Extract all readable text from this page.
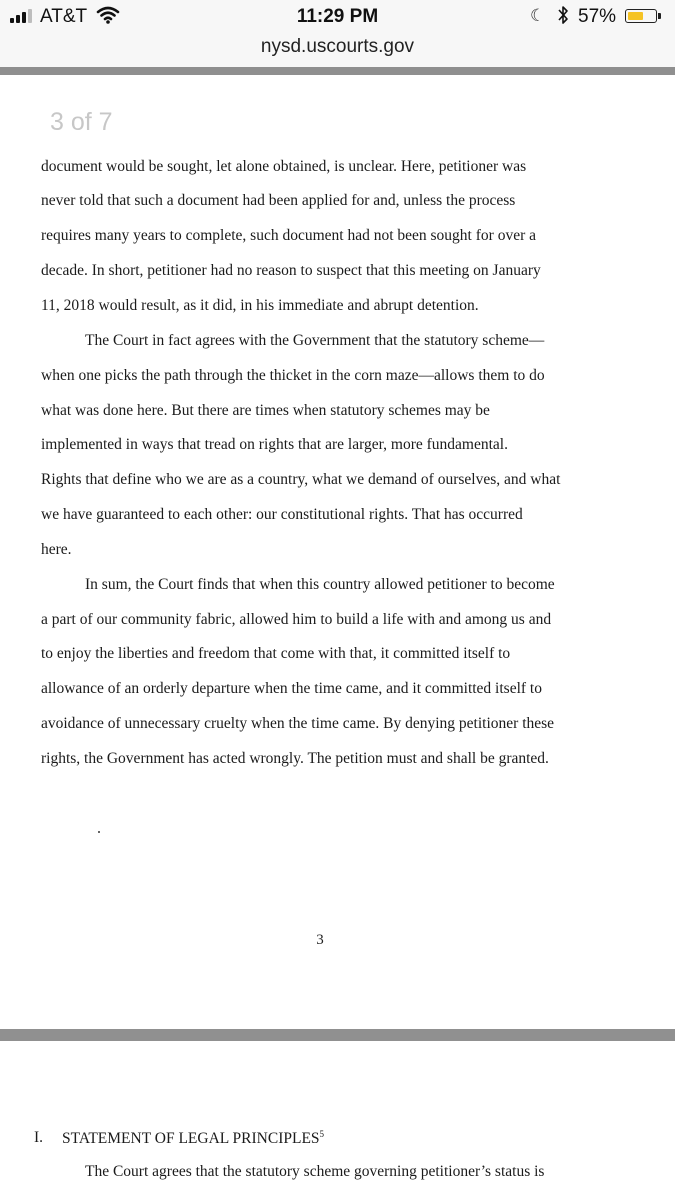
AT&T	11:29 PM	☾ 57%
nysd.uscourts.gov
3 of 7
document would be sought, let alone obtained, is unclear. Here, petitioner was
never told that such a document had been applied for and, unless the process
requires many years to complete, such document had not been sought for over a
decade. In short, petitioner had no reason to suspect that this meeting on January
11, 2018 would result, as it did, in his immediate and abrupt detention.
The Court in fact agrees with the Government that the statutory scheme—
when one picks the path through the thicket in the corn maze—allows them to do
what was done here. But there are times when statutory schemes may be
implemented in ways that tread on rights that are larger, more fundamental.
Rights that define who we are as a country, what we demand of ourselves, and what
we have guaranteed to each other: our constitutional rights. That has occurred
here.
In sum, the Court finds that when this country allowed petitioner to become
a part of our community fabric, allowed him to build a life with and among us and
to enjoy the liberties and freedom that come with that, it committed itself to
allowance of an orderly departure when the time came, and it committed itself to
avoidance of unnecessary cruelty when the time came. By denying petitioner these
rights, the Government has acted wrongly. The petition must and shall be granted.
3
I. STATEMENT OF LEGAL PRINCIPLES$^5$
The Court agrees that the statutory scheme governing petitioner’s status is
